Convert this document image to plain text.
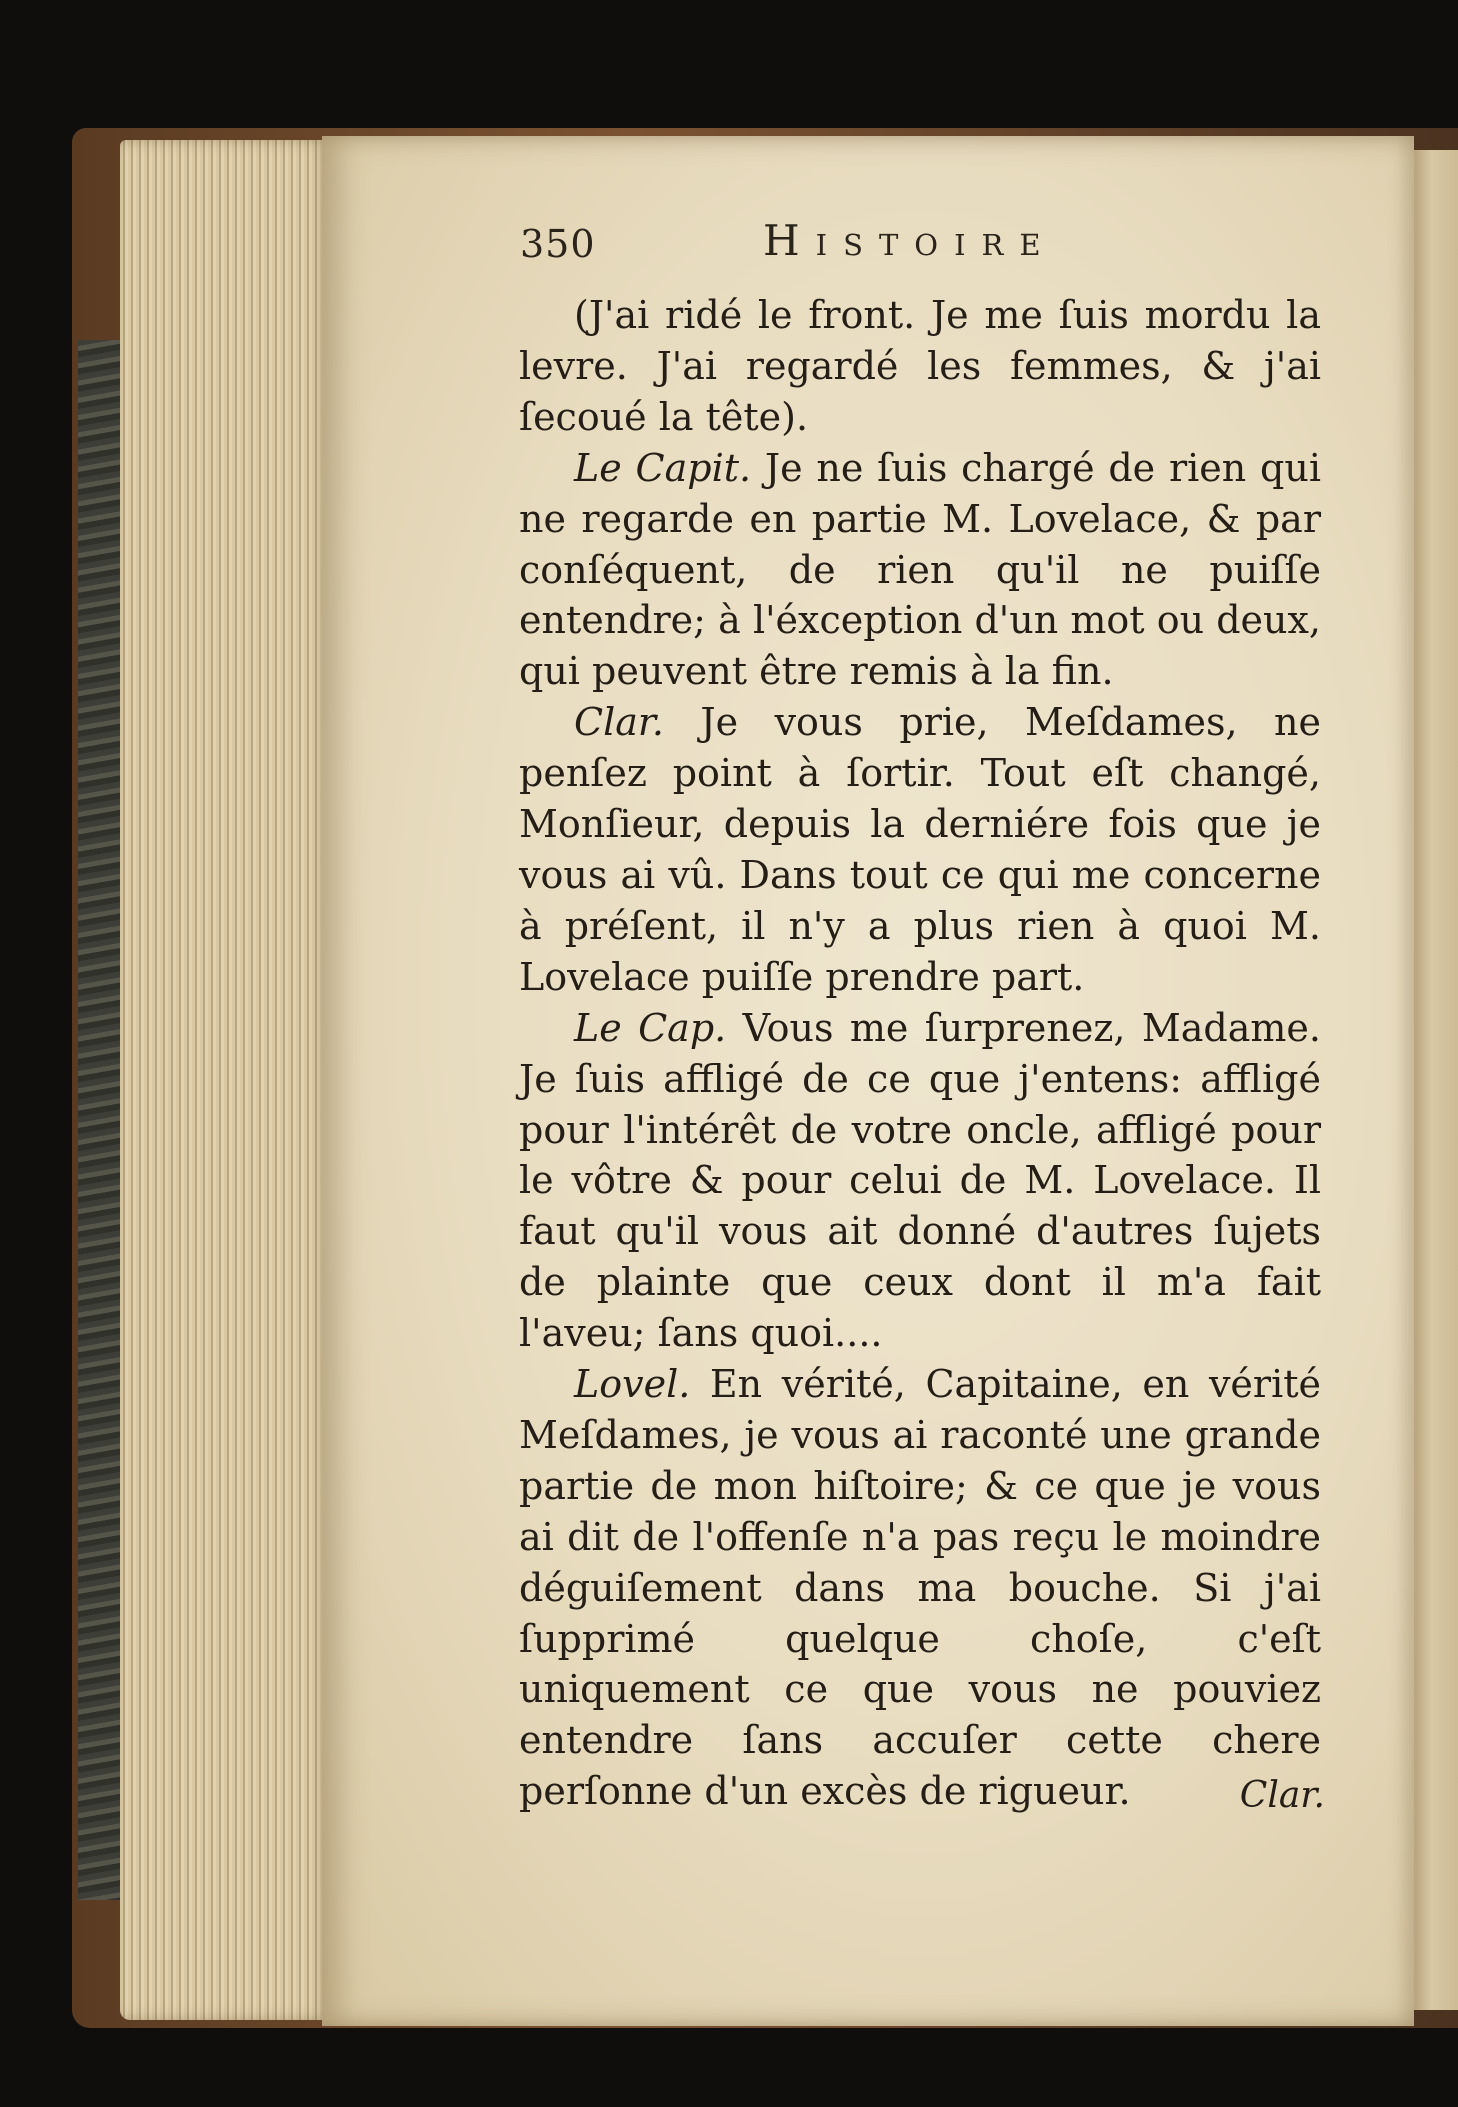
350	Histoire

(J'ai ridé le front. Je me ſuis mordu la levre. J'ai regardé les femmes, & j'ai ſecoué la tête).

Le Capit. Je ne ſuis chargé de rien qui ne regarde en partie M. Lovelace, & par conſéquent, de rien qu'il ne puiſſe entendre; à l'éxception d'un mot ou deux, qui peuvent être remis à la fin.

Clar. Je vous prie, Meſdames, ne penſez point à ſortir. Tout eſt changé, Monſieur, depuis la derniére fois que je vous ai vû. Dans tout ce qui me concerne à préſent, il n'y a plus rien à quoi M. Lovelace puiſſe prendre part.

Le Cap. Vous me ſurprenez, Madame. Je ſuis affligé de ce que j'entens: affligé pour l'intérêt de votre oncle, affligé pour le vôtre & pour celui de M. Lovelace. Il faut qu'il vous ait donné d'autres ſujets de plainte que ceux dont il m'a fait l'aveu; ſans quoi....

Lovel. En vérité, Capitaine, en vérité Meſdames, je vous ai raconté une grande partie de mon hiſtoire; & ce que je vous ai dit de l'offenſe n'a pas reçu le moindre déguiſement dans ma bouche. Si j'ai ſupprimé quelque choſe, c'eſt uniquement ce que vous ne pouviez entendre ſans accuſer cette chere perſonne d'un excès de rigueur.	Clar.
